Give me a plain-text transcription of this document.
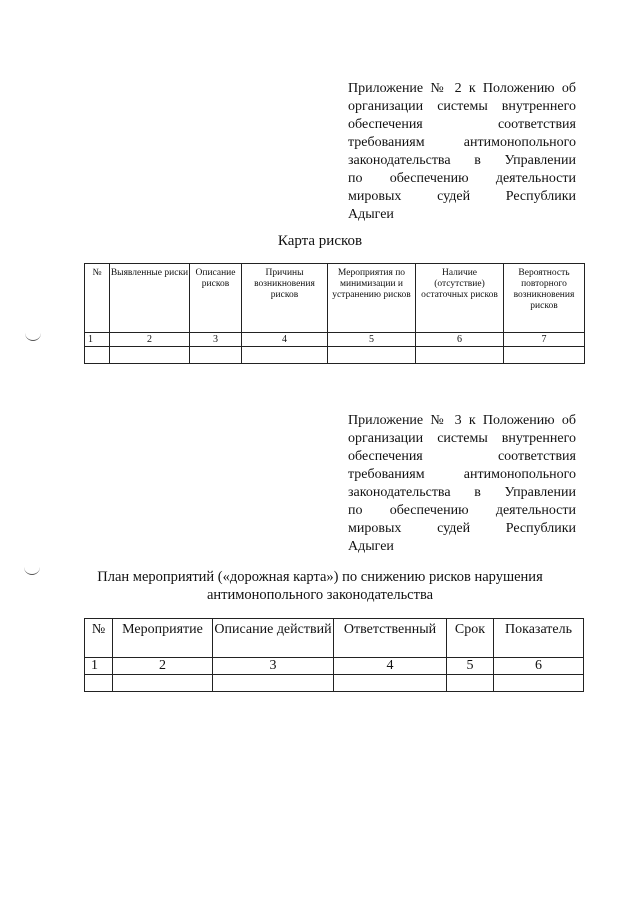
Приложение № 2 к Положению об
организации системы внутреннего
обеспечения соответствия
требованиям антимонопольного
законодательства в Управлении
по обеспечению деятельности
мировых судей Республики
Адыгеи
Карта рисков
№	Выявленные риски	Описание рисков	Причины возникновения рисков	Мероприятия по минимизации и устранению рисков	Наличие (отсутствие) остаточных рисков	Вероятность повторного возникновения рисков
1	2	3	4	5	6	7

Приложение № 3 к Положению об
организации системы внутреннего
обеспечения соответствия
требованиям антимонопольного
законодательства в Управлении
по обеспечению деятельности
мировых судей Республики
Адыгеи
План мероприятий («дорожная карта») по снижению рисков нарушения
антимонопольного законодательства
№	Мероприятие	Описание действий	Ответственный	Срок	Показатель
1	2	3	4	5	6
